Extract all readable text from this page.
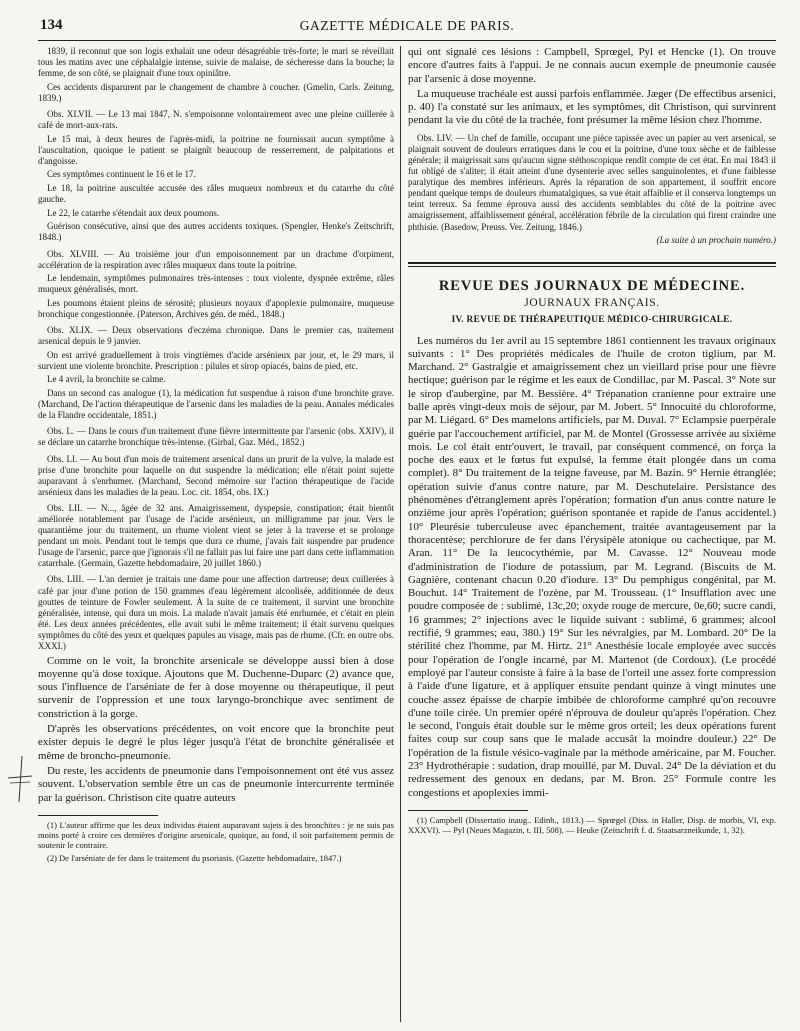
134	GAZETTE MÉDICALE DE PARIS.

1839, il reconnut que son logis exhalait une odeur désagréable très-forte; le mari se réveillait tous les matins avec une céphalalgie intense, suivie de malaise, de sécheresse dans la bouche; la femme, de son côté, se plaignait d'une toux opiniâtre.

Ces accidents disparurent par le changement de chambre à coucher. (Gmelin, Carls. Zeitung, 1839.)

Obs. XLVII. — Le 13 mai 1847, N. s'empoisonne volontairement avec une pleine cuillerée à café de mort-aux-rats.

Le 15 mai, à deux heures de l'après-midi, la poitrine ne fournissait aucun symptôme à l'auscultation, quoique le patient se plaignît beaucoup de resserrement, de palpitations et d'angoisse.

Ces symptômes continuent le 16 et le 17.

Le 18, la poitrine auscultée accusée des râles muqueux nombreux et du catarrhe du côté gauche.

Le 22, le catarrhe s'étendait aux deux poumons.

Guérison consécutive, ainsi que des autres accidents toxiques. (Spengler, Henke's Zeitschrift, 1848.)

Obs. XLVIII. — Au troisième jour d'un empoisonnement par un drachme d'orpiment, accélération de la respiration avec râles muqueux dans toute la poitrine.

Le lendemain, symptômes pulmonaires très-intenses : toux violente, dyspnée extrême, râles muqueux généralisés, mort.

Les poumons étaient pleins de sérosité; plusieurs noyaux d'apoplexie pulmonaire, muqueuse bronchique congestionnée. (Paterson, Archives gén. de méd., 1848.)

Obs. XLIX. — Deux observations d'eczéma chronique. Dans le premier cas, traitement arsenical depuis le 9 janvier.

On est arrivé graduellement à trois vingtièmes d'acide arsénieux par jour, et, le 29 mars, il survient une violente bronchite. Prescription : pilules et sirop opiacés, bains de pied, etc.

Le 4 avril, la bronchite se calme.

Dans un second cas analogue (1), la médication fut suspendue à raison d'une bronchite grave. (Marchand, De l'action thérapeutique de l'arsenic dans les maladies de la peau. Annales médicales de la Flandre occidentale, 1851.)

Obs. L. — Dans le cours d'un traitement d'une fièvre intermittente par l'arsenic (obs. XXIV), il se déclare un catarrhe bronchique très-intense. (Girbal, Gaz. Méd., 1852.)

Obs. LI. — Au bout d'un mois de traitement arsenical dans un prurit de la vulve, la malade est prise d'une bronchite pour laquelle on dut suspendre la médication; elle n'était point sujette auparavant à s'enrhumer. (Marchand, Second mémoire sur l'action thérapeutique de l'acide arsénieux dans les maladies de la peau. Loc. cit. 1854, obs. IX.)

Obs. LII. — N..., âgée de 32 ans. Amaigrissement, dyspepsie, constipation; était bientôt améliorée notablement par l'usage de l'acide arsénieux, un milligramme par jour. Vers le quarantième jour du traitement, un rhume violent vient se jeter à la traverse et se prolonge pendant un mois. Pendant tout le temps que dura ce rhume, j'avais fait suspendre par prudence l'usage de l'arsenic, parce que j'ignorais s'il ne fallait pas lui faire une part dans cette inflammation catarrhale. (Germain, Gazette hebdomadaire, 20 juillet 1860.)

Obs. LIII. — L'an dernier je traitais une dame pour une affection dartreuse; deux cuillerées à café par jour d'une potion de 150 grammes d'eau légèrement alcoolisée, additionnée de deux gouttes de teinture de Fowler seulement. À la suite de ce traitement, il survint une bronchite généralisée, intense, qui dura un mois. La malade n'avait jamais été enrhumée, et c'était en plein été. Les deux années précédentes, elle avait subi le même traitement; il était survenu quelques symptômes du côté des yeux et quelques papules au visage, mais pas de rhume. (Cfr. en outre obs. XXXI.)

Comme on le voit, la bronchite arsenicale se développe aussi bien à dose moyenne qu'à dose toxique. Ajoutons que M. Duchenne-Duparc (2) avance que, sous l'influence de l'arséniate de fer à dose moyenne ou thérapeutique, il peut survenir de l'oppression et une toux laryngo-bronchique avec sentiment de constriction à la gorge.

D'après les observations précédentes, on voit encore que la bronchite peut exister depuis le degré le plus léger jusqu'à l'état de bronchite généralisée et même de broncho-pneumonie.

Du reste, les accidents de pneumonie dans l'empoisonnement ont été vus assez souvent. L'observation semble être un cas de pneumonie intercurrente terminée par la guérison. Christison cite quatre auteurs

(1) L'auteur affirme que les deux individus étaient auparavant sujets à des bronchites : je ne suis pas moins porté à croire ces dernières d'origine arsenicale, quoique, au fond, il soit parfaitement permis de soutenir le contraire.

(2) De l'arséniate de fer dans le traitement du psoriasis. (Gazette hebdomadaire, 1847.)

qui ont signalé ces lésions : Campbell, Sprœgel, Pyl et Hencke (1). On trouve encore d'autres faits à l'appui. Je ne connais aucun exemple de pneumonie causée par l'arsenic à dose moyenne.

La muqueuse trachéale est aussi parfois enflammée. Jæger (De effectibus arsenici, p. 40) l'a constaté sur les animaux, et les symptômes, dit Christison, qui survinrent pendant la vie du côté de la trachée, font présumer la même lésion chez l'homme.

Obs. LIV. — Un chef de famille, occupant une pièce tapissée avec un papier au vert arsenical, se plaignait souvent de douleurs erratiques dans le cou et la poitrine, d'une toux sèche et de faiblesse générale; il maigrissait sans qu'aucun signe stéthoscopique rendît compte de cet état. En mai 1843 il fut obligé de s'aliter; il était atteint d'une dysenterie avec selles sanguinolentes, et d'une faiblesse paralytique des membres inférieurs. Après la réparation de son appartement, il souffrit encore pendant quelque temps de douleurs rhumatalgiques, sa vue était affaiblie et il conserva longtemps un teint terreux. Sa femme éprouva aussi des accidents semblables du côté de la poitrine avec amaigrissement, affaiblissement général, accélération fébrile de la circulation qui firent craindre une phthisie. (Basedow, Preuss. Ver. Zeitung, 1846.)

(La suite à un prochain numéro.)

REVUE DES JOURNAUX DE MÉDECINE.

JOURNAUX FRANÇAIS.

IV. REVUE DE THÉRAPEUTIQUE MÉDICO-CHIRURGICALE.

Les numéros du 1er avril au 15 septembre 1861 contiennent les travaux originaux suivants : 1° Des propriétés médicales de l'huile de croton tiglium, par M. Marchand. 2° Gastralgie et amaigrissement chez un vieillard prise pour une fièvre hectique; guérison par le régime et les eaux de Condillac, par M. Pascal. 3° Note sur le sirop d'aubergine, par M. Bessière. 4° Trépanation cranienne pour extraire une balle après vingt-deux mois de séjour, par M. Jobert. 5° Innocuité du chloroforme, par M. Liégard. 6° Des mamelons artificiels, par M. Duval. 7° Eclampsie puerpérale guérie par l'accouchement artificiel, par M. de Montel (Grossesse arrivée au sixième mois. Le col était entr'ouvert, le travail, par conséquent commencé, on força la poche des eaux et le fœtus fut expulsé, la femme était plongée dans un coma complet). 8° Du traitement de la teigne faveuse, par M. Bazin. 9° Hernie étranglée; opération suivie d'anus contre nature, par M. Deschutelaire. Persistance des phénomènes d'étranglement après l'opération; formation d'un anus contre nature le onzième jour après l'opération; guérison spontanée et rapide de l'anus accidentel.) 10° Pleurésie tuberculeuse avec épanchement, traitée avantageusement par la thoracentèse; perchlorure de fer dans l'érysipèle atonique ou cachectique, par M. Aran. 11° De la leucocythémie, par M. Cavasse. 12° Nouveau mode d'administration de l'iodure de potassium, par M. Legrand. (Biscuits de M. Gagnière, contenant chacun 0.20 d'iodure. 13° Du pemphigus congénital, par M. Bouchut. 14° Traitement de l'ozène, par M. Trousseau. (1° Insufflation avec une poudre composée de : sublimé, 13c,20; oxyde rouge de mercure, 0e,60; sucre candi, 16 grammes; 2° injections avec le liquide suivant : sublimé, 6 grammes; alcool rectifié, 9 grammes; eau, 380.) 19° Sur les névralgies, par M. Lombard. 20° De la stérilité chez l'homme, par M. Hirtz. 21° Anesthésie locale employée avec succès pour l'opération de l'ongle incarné, par M. Martenot (de Cordoux). (Le procédé employé par l'auteur consiste à faire à la base de l'orteil une assez forte compression à l'aide d'une ligature, et à appliquer ensuite pendant quinze à vingt minutes une couche assez épaisse de charpie imbibée de chloroforme camphré qu'on recouvre d'une toile cirée. Un premier opéré n'éprouva de douleur qu'après l'opération. Chez le second, l'onguis était double sur le même gros orteil; les deux opérations furent faites coup sur coup sans que le malade accusât la moindre douleur.) 22° De l'opération de la fistule vésico-vaginale par la méthode américaine, par M. Foucher. 23° Hydrothérapie : sudation, drap mouillé, par M. Duval. 24° De la déviation et du redressement des genoux en dedans, par M. Bron. 25° Formule contre les congestions et apoplexies immi-

(1) Campbell (Dissertatio inaug.. Edinb., 1813.) — Sprœgel (Diss. in Haller, Disp. de morbis, VI, exp. XXXVI). — Pyl (Neues Magazin, t. III, 508). — Heuke (Zeitschrift f. d. Staatsarzneikunde, 1, 32).
